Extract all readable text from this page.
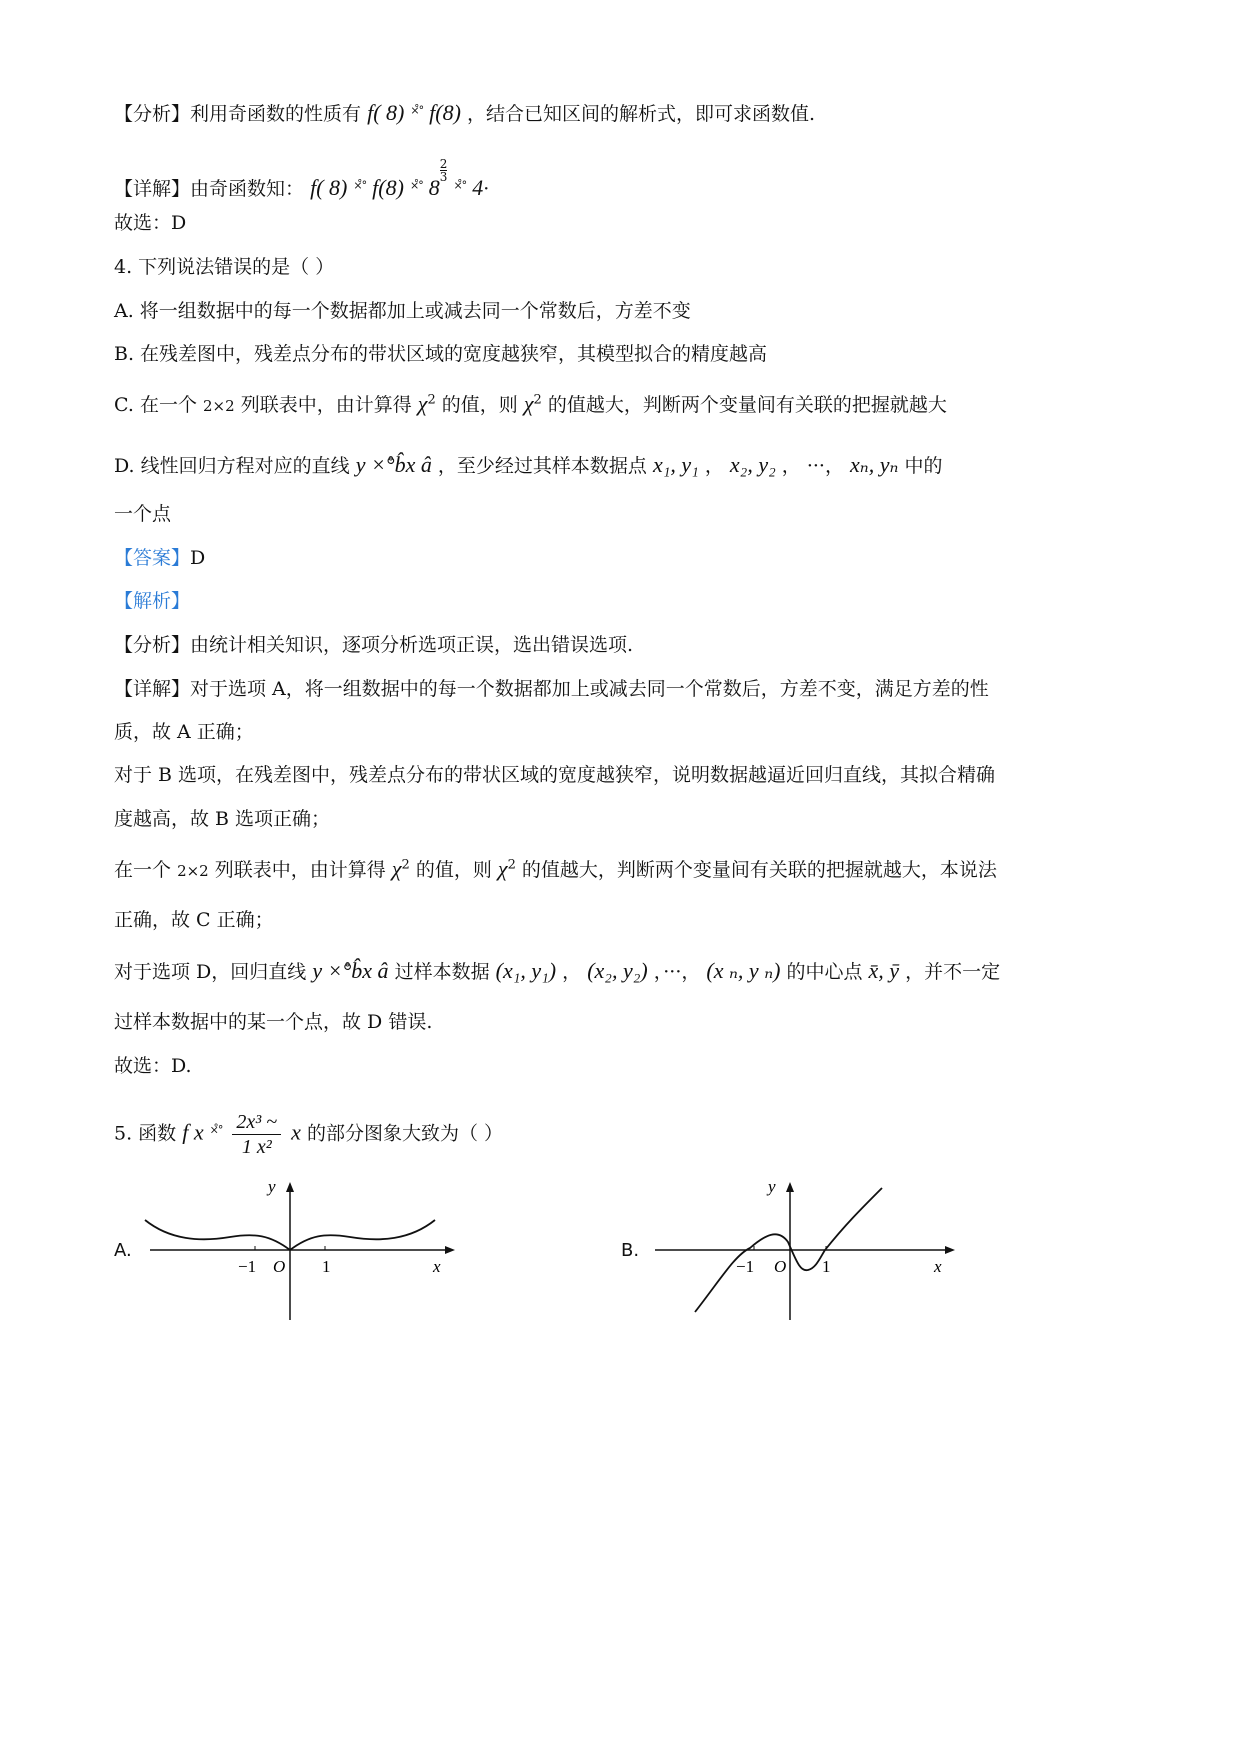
【分析】利用奇函数的性质有 f( 8) ×̊° f(8) ，结合已知区间的解析式，即可求函数值.
【详解】由奇函数知： f( 8) ×̊° f(8) ×̊° 8
$\frac{2}{3}$
×̊° 4·
故选：D
4. 下列说法错误的是（ ）
A. 将一组数据中的每一个数据都加上或减去同一个常数后，方差不变
B. 在残差图中，残差点分布的带状区域的宽度越狭窄，其模型拟合的精度越高
C. 在一个 2×2 列联表中，由计算得 $\chi^2$ 的值，则 $\chi^2$ 的值越大，判断两个变量间有关联的把握就越大
D. 线性回归方程对应的直线 y ×̊°b̂x â ，至少经过其样本数据点 x₁, y₁ ， x₂, y₂ ， ···， xₙ, yₙ 中的
一个点
【答案】D
【解析】
【分析】由统计相关知识，逐项分析选项正误，选出错误选项.
【详解】对于选项 A，将一组数据中的每一个数据都加上或减去同一个常数后，方差不变，满足方差的性
质，故 A 正确；
对于 B 选项，在残差图中，残差点分布的带状区域的宽度越狭窄，说明数据越逼近回归直线，其拟合精确
度越高，故 B 选项正确；
在一个 2×2 列联表中，由计算得 $\chi^2$ 的值，则 $\chi^2$ 的值越大，判断两个变量间有关联的把握就越大，本说法
正确，故 C 正确；
对于选项 D，回归直线 y ×̊°b̂x â 过样本数据 (x₁, y₁) ， (x₂, y₂) ，···， (x ₙ, y ₙ) 的中心点 x̄, ȳ ，并不一定
过样本数据中的某一个点，故 D 错误.
故选：D.
5. 函数 f x $^{\times̊^\circ} \frac{\text{2x³ \textasciitilde{}}}{\text{1 x²}}$ x 的部分图象大致为（ ）
A.
y
x
O
−1	1
B.
y
x
O
−1	1
